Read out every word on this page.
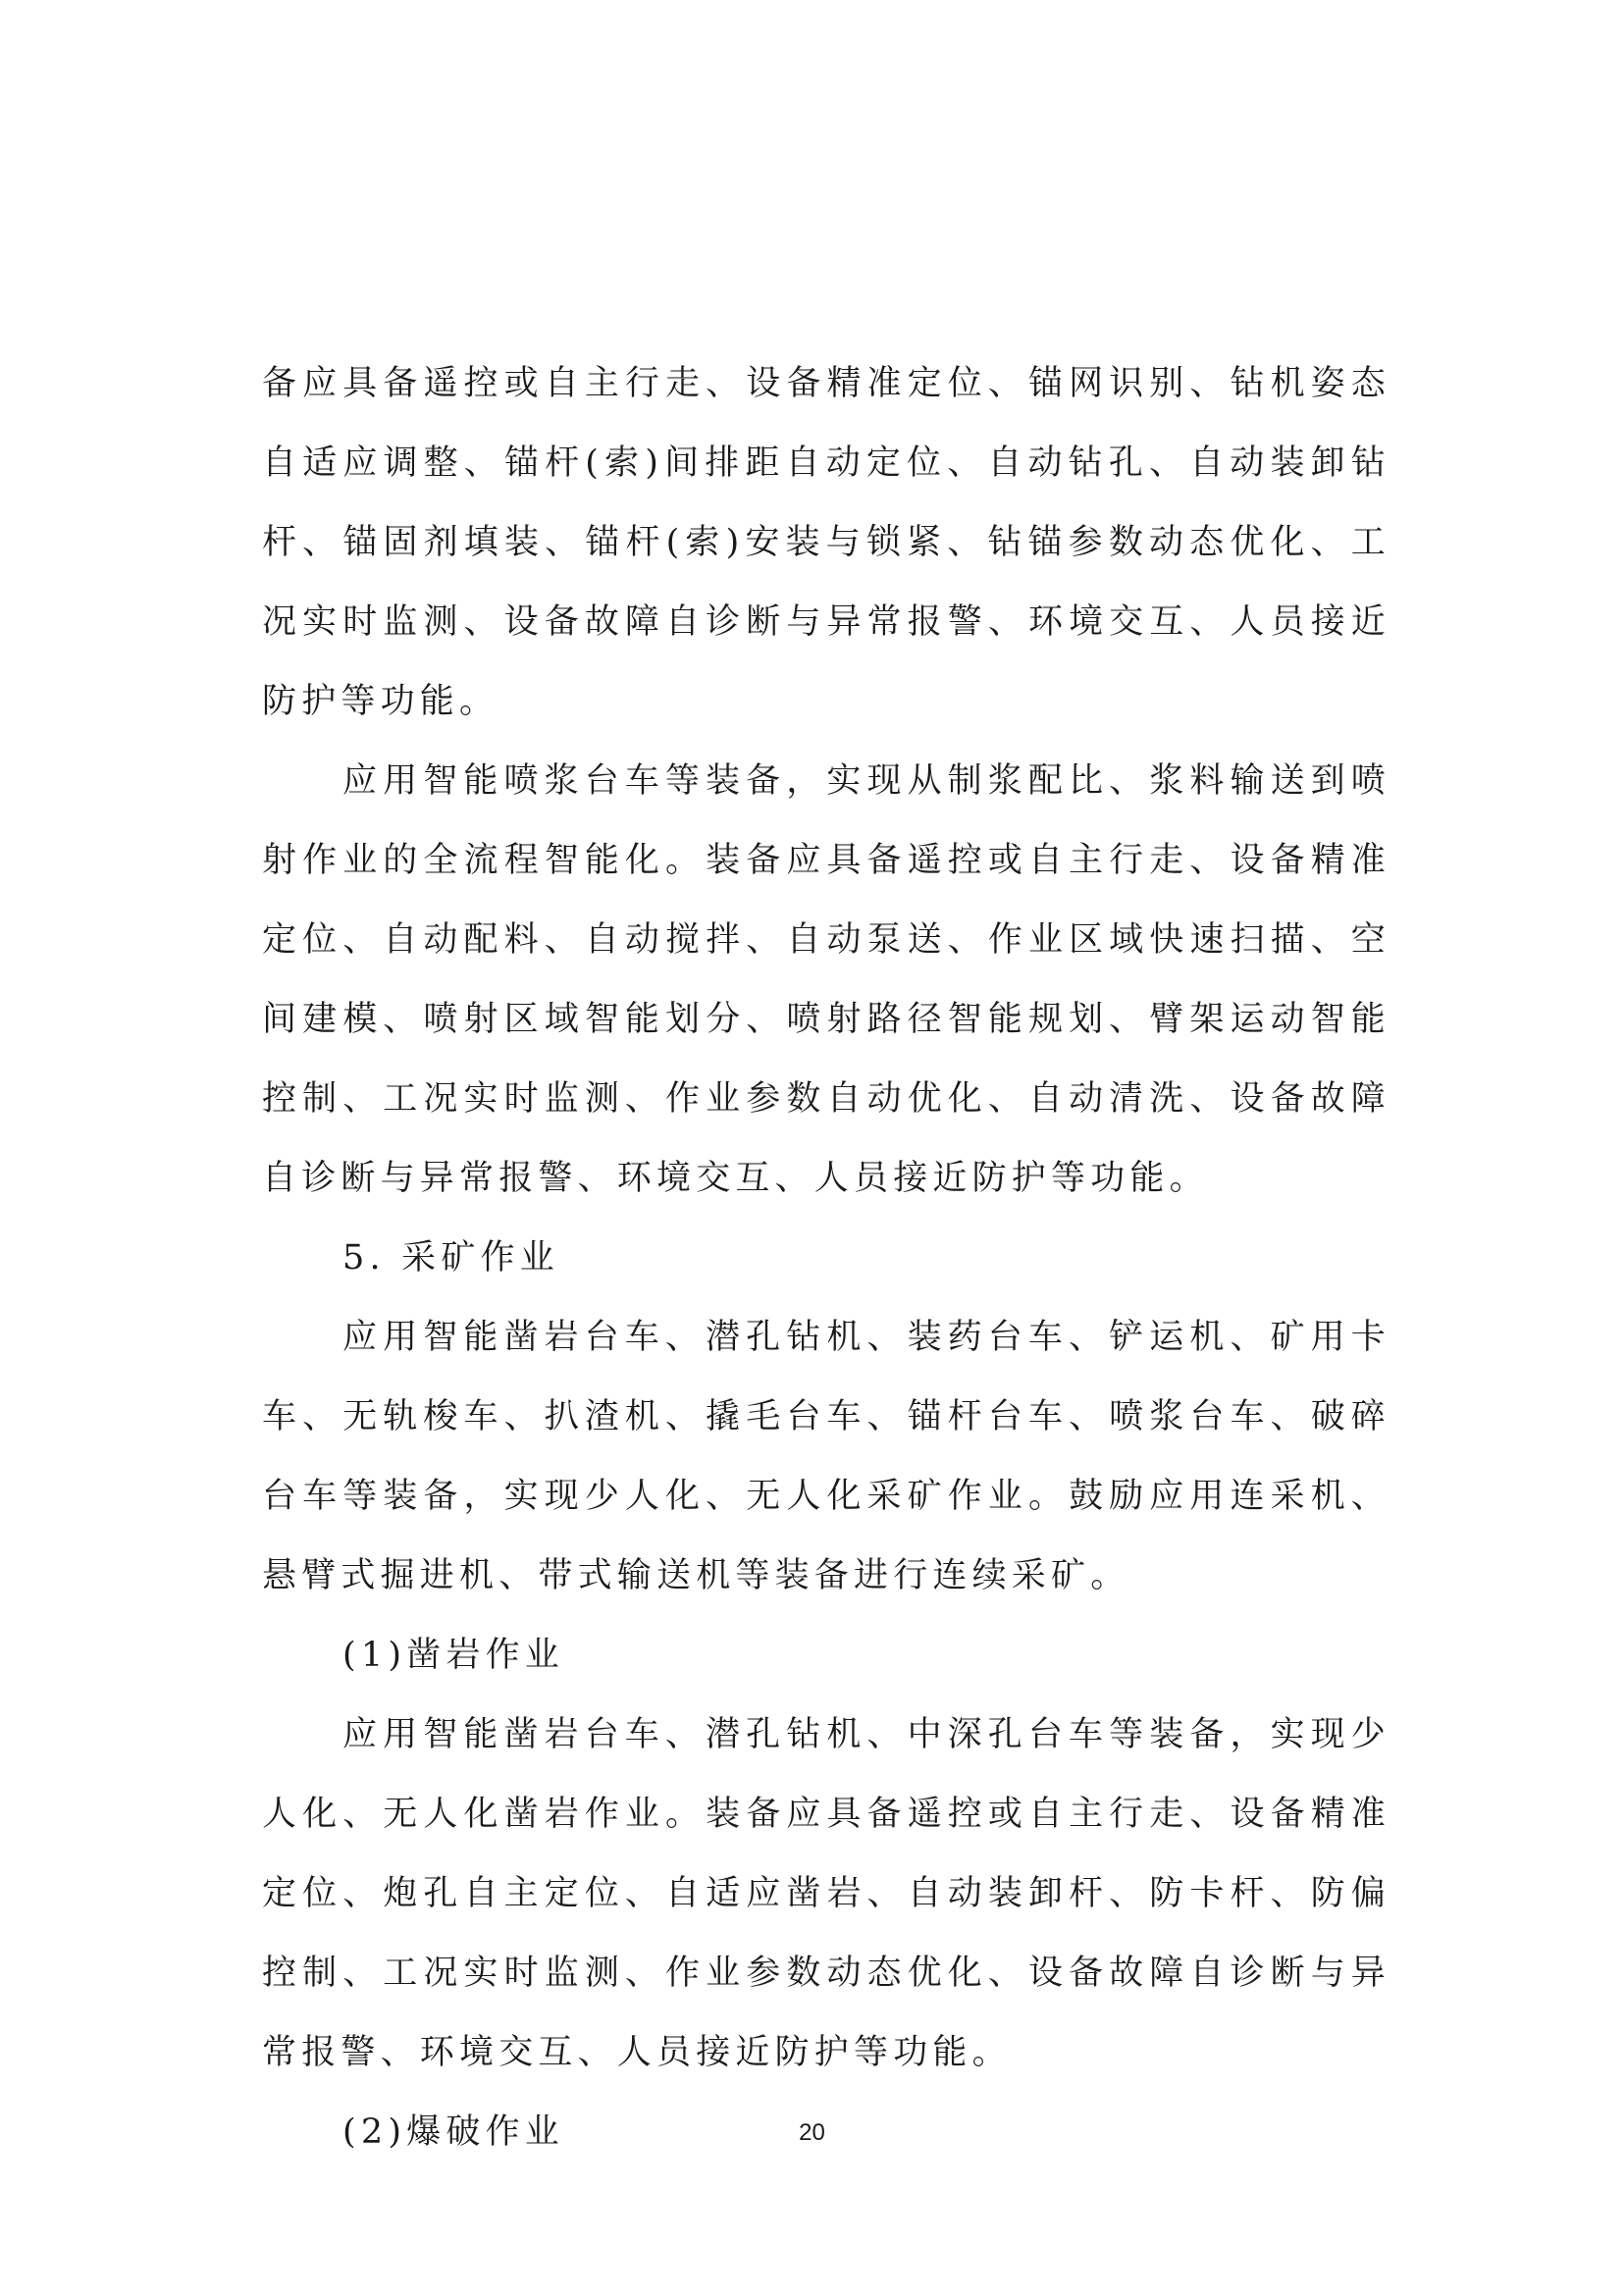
备应具备遥控或自主行走、设备精准定位、锚网识别、钻机姿态自适应调整、锚杆(索)间排距自动定位、自动钻孔、自动装卸钻杆、锚固剂填装、锚杆(索)安装与锁紧、钻锚参数动态优化、工况实时监测、设备故障自诊断与异常报警、环境交互、人员接近防护等功能。

应用智能喷浆台车等装备，实现从制浆配比、浆料输送到喷射作业的全流程智能化。装备应具备遥控或自主行走、设备精准定位、自动配料、自动搅拌、自动泵送、作业区域快速扫描、空间建模、喷射区域智能划分、喷射路径智能规划、臂架运动智能控制、工况实时监测、作业参数自动优化、自动清洗、设备故障自诊断与异常报警、环境交互、人员接近防护等功能。

5. 采矿作业

应用智能凿岩台车、潜孔钻机、装药台车、铲运机、矿用卡车、无轨梭车、扒渣机、撬毛台车、锚杆台车、喷浆台车、破碎台车等装备，实现少人化、无人化采矿作业。鼓励应用连采机、悬臂式掘进机、带式输送机等装备进行连续采矿。

(1)凿岩作业

应用智能凿岩台车、潜孔钻机、中深孔台车等装备，实现少人化、无人化凿岩作业。装备应具备遥控或自主行走、设备精准定位、炮孔自主定位、自适应凿岩、自动装卸杆、防卡杆、防偏控制、工况实时监测、作业参数动态优化、设备故障自诊断与异常报警、环境交互、人员接近防护等功能。

(2)爆破作业	20
